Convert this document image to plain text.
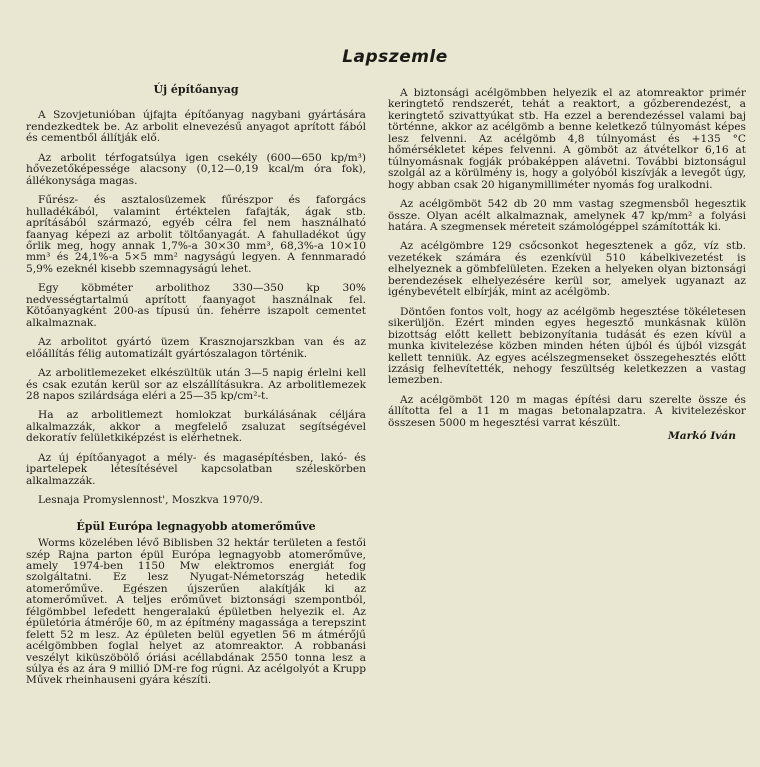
Lapszemle
Új építőanyag

A Szovjetunióban újfajta építőanyag nagybani gyártására rendezkedtek be. Az arbolit elnevezésű anyagot aprított fából és cementből állítják elő.

Az arbolit térfogatsúlya igen csekély (600—650 kp/m³) hővezetőképessége alacsony (0,12—0,19 kcal/m óra fok), állékonysága magas.

Fűrész- és asztalosüzemek fűrészpor és faforgács hulladékából, valamint értéktelen fafajták, ágak stb. aprításából származó, egyéb célra fel nem használható faanyag képezi az arbolit töltőanyagát. A fahulladékot úgy őrlik meg, hogy annak 1,7%-a 30×30 mm³, 68,3%-a 10×10 mm³ és 24,1%-a 5×5 mm² nagyságú legyen. A fennmaradó 5,9% ezeknél kisebb szemnagyságú lehet.

Egy köbméter arbolithoz 330—350 kp 30% nedvességtartalmú aprított faanyagot használnak fel. Kötőanyagként 200-as típusú ún. fehérre iszapolt cementet alkalmaznak.

Az arbolitot gyártó üzem Krasznojarszkban van és az előállítás félig automatizált gyártószalagon történik.

Az arbolitlemezeket elkészültük után 3—5 napig érlelni kell és csak ezután kerül sor az elszállításukra. Az arbolitlemezek 28 napos szilárdsága eléri a 25—35 kp/cm²-t.

Ha az arbolitlemezt homlokzat burkálásának céljára alkalmazzák, akkor a megfelelő zsaluzat segítségével dekoratív felületkiképzést is elérhetnek.

Az új építőanyagot a mély- és magasépítésben, lakó- és ipartelepek létesítésével kapcsolatban széleskörben alkalmazzák.

Lesnaja Promyslennost', Moszkva 1970/9.

Épül Európa legnagyobb atomerőműve

Worms közelében lévő Biblisben 32 hektár területen a festői szép Rajna parton épül Európa legnagyobb atomerőműve, amely 1974-ben 1150 Mw elektromos energiát fog szolgáltatni. Ez lesz Nyugat-Németország hetedik atomerőműve. Egészen újszerűen alakítják ki az atomerőművet. A teljes erőművet biztonsági szempontból, félgömbbel lefedett hengeralakú épületben helyezik el. Az épületória átmérője 60, m az építmény magassága a terepszint felett 52 m lesz. Az épületen belül egyetlen 56 m átmérőjű acélgömbben foglal helyet az atomreaktor. A robbanási veszélyt kiküszöbölő óriási acéllabdának 2550 tonna lesz a súlya és az ára 9 millió DM-re fog rúgni. Az acélgolyót a Krupp Művek rheinhauseni gyára készíti.

A biztonsági acélgömbben helyezik el az atomreaktor primér keringtető rendszerét, tehát a reaktort, a gőzberendezést, a keringtető szivattyúkat stb. Ha ezzel a berendezéssel valami baj történne, akkor az acélgömb a benne keletkező túlnyomást képes lesz felvenni. Az acélgömb 4,8 túlnyomást és +135 °C hőmérsékletet képes felvenni. A gömböt az átvételkor 6,16 at túlnyomásnak fogják próbaképpen alávetni. További biztonságul szolgál az a körülmény is, hogy a golyóból kiszívják a levegőt úgy, hogy abban csak 20 higanymilliméter nyomás fog uralkodni.

Az acélgömböt 542 db 20 mm vastag szegmensből hegesztik össze. Olyan acélt alkalmaznak, amelynek 47 kp/mm² a folyási határa. A szegmensek méreteit számológéppel számították ki.

Az acélgömbre 129 csőcsonkot hegesztenek a gőz, víz stb. vezetékek számára és ezenkívül 510 kábelkivezetést is elhelyeznek a gömbfelületen. Ezeken a helyeken olyan biztonsági berendezések elhelyezésére kerül sor, amelyek ugyanazt az igénybevételt elbírják, mint az acélgömb.

Döntően fontos volt, hogy az acélgömb hegesztése tökéletesen sikerüljön. Ezért minden egyes hegesztő munkásnak külön bizottság előtt kellett bebizonyítania tudását és ezen kívül a munka kivitelezése közben minden héten újból és újból vizsgát kellett tenniük. Az egyes acélszegmenseket összegehesztés előtt izzásig felhevítették, nehogy feszültség keletkezzen a vastag lemezben.

Az acélgömböt 120 m magas építési daru szerelte össze és állította fel a 11 m magas betonalapzatra. A kivitelezéskor összesen 5000 m hegesztési varrat készült.

Markó Iván
